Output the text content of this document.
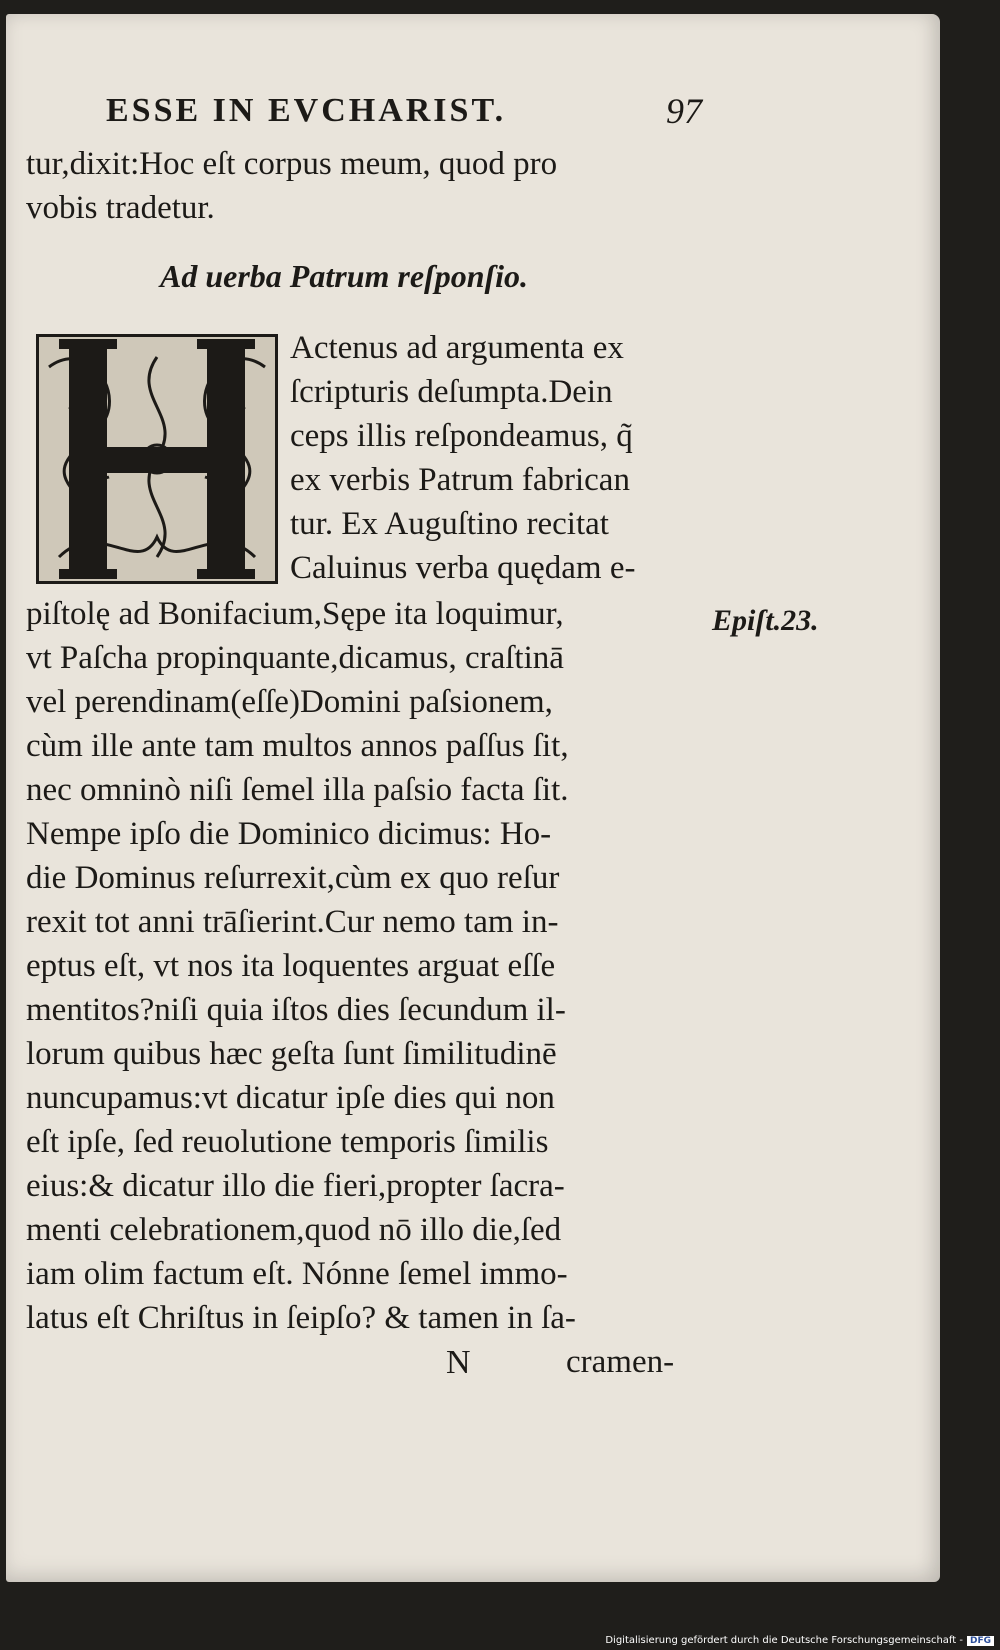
ESSE IN EVCHARIST.	97
tur,dixit:Hoc eſt corpus meum, quod pro
vobis tradetur.
Ad uerba Patrum reſponſio.
Actenus ad argumenta ex
ſcripturis deſumpta.Dein
ceps illis reſpondeamus, q̃
ex verbis Patrum fabrican
tur. Ex Auguſtino recitat
Caluinus verba quędam e-
piſtolę ad Bonifacium,Sępe ita loquimur,	Epiſt.23.
vt Paſcha propinquante,dicamus, craſtinā
vel perendinam(eſſe)Domini paſsionem,
cùm ille ante tam multos annos paſſus ſit,
nec omninò niſi ſemel illa paſsio facta ſit.
Nempe ipſo die Dominico dicimus: Ho-
die Dominus reſurrexit,cùm ex quo reſur
rexit tot anni trāſierint.Cur nemo tam in-
eptus eſt, vt nos ita loquentes arguat eſſe
mentitos?niſi quia iſtos dies ſecundum il-
lorum quibus hæc geſta ſunt ſimilitudinē
nuncupamus:vt dicatur ipſe dies qui non
eſt ipſe, ſed reuolutione temporis ſimilis
eius:& dicatur illo die fieri,propter ſacra-
menti celebrationem,quod nō illo die,ſed
iam olim factum eſt. Nónne ſemel immo-
latus eſt Chriſtus in ſeipſo? & tamen in ſa-
N	cramen-
Digitalisierung gefördert durch die Deutsche Forschungsgemeinschaft - DFG
